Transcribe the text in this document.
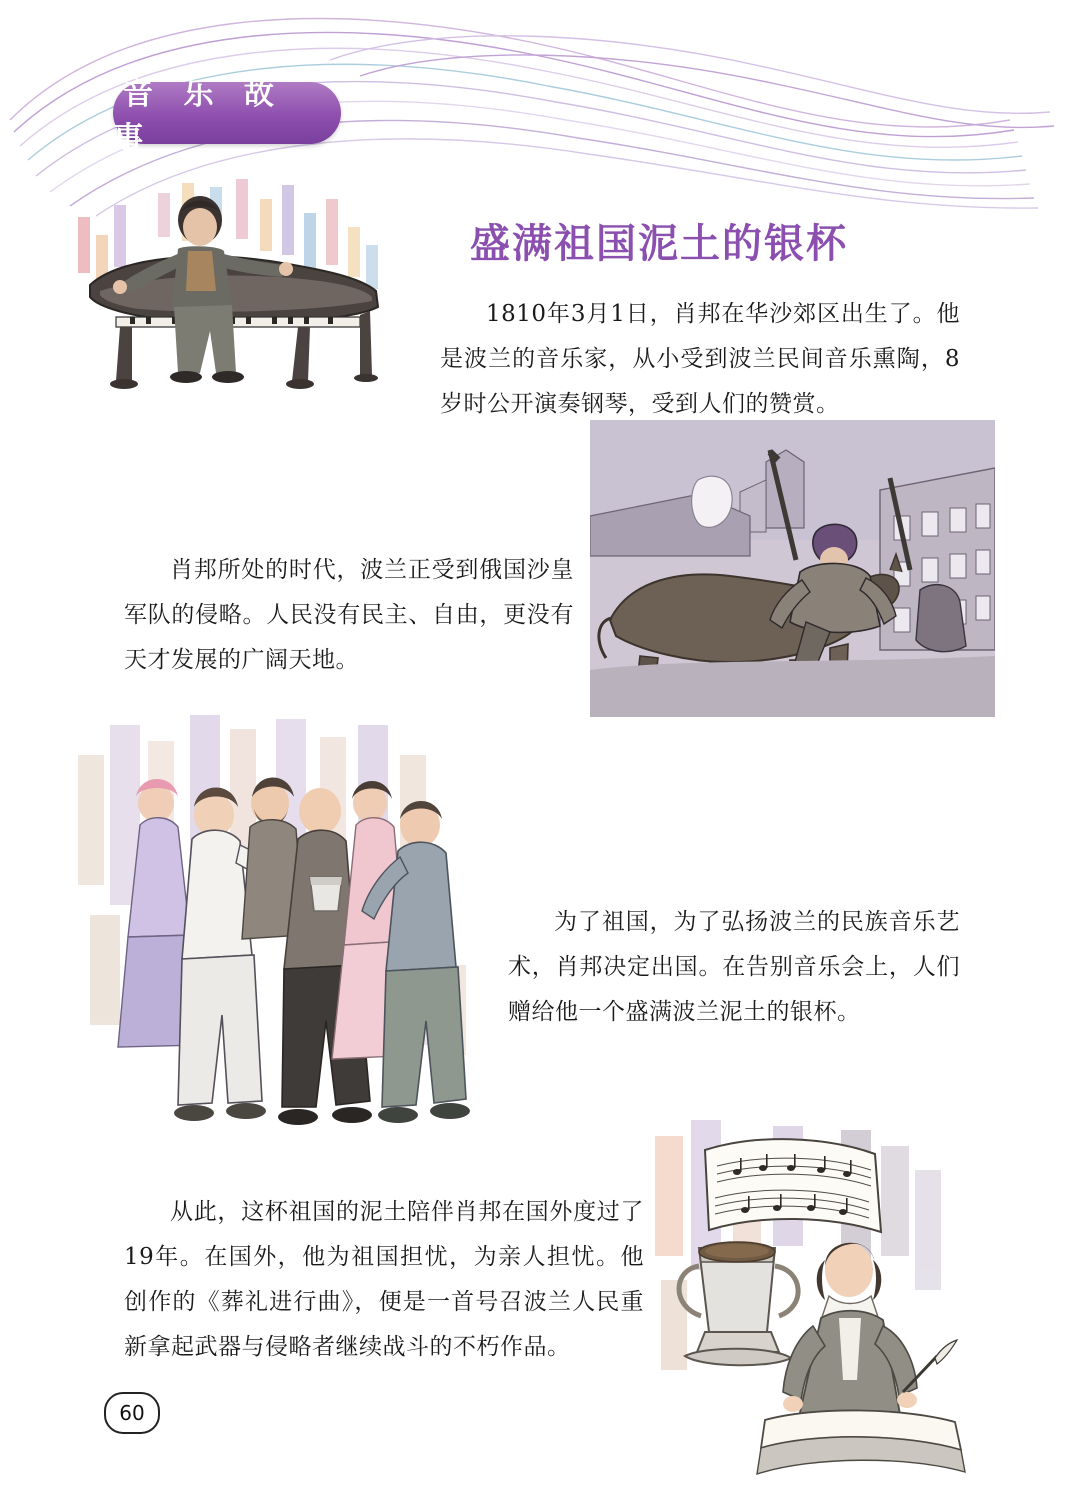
音 乐 故 事
盛满祖国泥土的银杯
1810年3月1日，肖邦在华沙郊区出生了。他是波兰的音乐家，从小受到波兰民间音乐熏陶，8 岁时公开演奏钢琴，受到人们的赞赏。
肖邦所处的时代，波兰正受到俄国沙皇军队的侵略。人民没有民主、自由，更没有天才发展的广阔天地。
为了祖国，为了弘扬波兰的民族音乐艺术，肖邦决定出国。在告别音乐会上，人们赠给他一个盛满波兰泥土的银杯。
从此，这杯祖国的泥土陪伴肖邦在国外度过了19年。在国外，他为祖国担忧，为亲人担忧。他创作的《葬礼进行曲》，便是一首号召波兰人民重新拿起武器与侵略者继续战斗的不朽作品。
60
